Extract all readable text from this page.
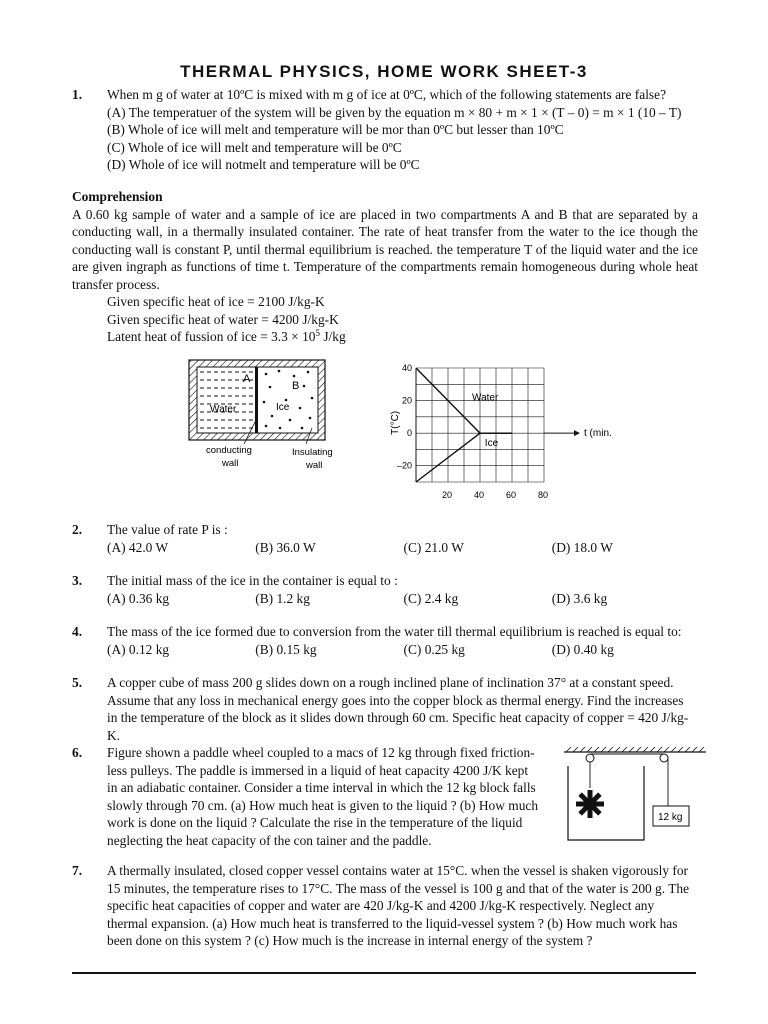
THERMAL PHYSICS, HOME WORK SHEET-3
1. When m g of water at 10ºC is mixed with m g of ice at 0ºC, which of the following statements are false?
(A) The temperatuer of the system will be given by the equation m × 80 + m × 1 × (T – 0) = m × 1 (10 – T)
(B) Whole of ice will melt and temperature will be mor than 0ºC but lesser than 10ºC
(C) Whole of ice will melt and temperature will be 0ºC
(D) Whole of ice will notmelt and temperature will be 0ºC
Comprehension
A 0.60 kg sample of water and a sample of ice are placed in two compartments A and B that are separated by a conducting wall, in a thermally insulated container. The rate of heat transfer from the water to the ice though the conducting wall is constant P, until thermal equilibrium is reached. the temperature T of the liquid water and the ice are given ingraph as functions of time t. Temperature of the compartments remain homogeneous during whole heat transfer process.
Given specific heat of ice = 2100 J/kg-K
Given specific heat of water = 4200 J/kg-K
Latent heat of fussion of ice = $3.3 \times 10^5$ J/kg
A
B
Water	Ice
conducting
wall
Insulating
wall
20 40 60 80
40
20
0
–20
T(°C)	t (min.
Water
Ice
2. The value of rate P is :
(A) 42.0 W	(B) 36.0 W	(C) 21.0 W	(D) 18.0 W
3. The initial mass of the ice in the container is equal to :
(A) 0.36 kg	(B) 1.2 kg	(C) 2.4 kg	(D) 3.6 kg
4. The mass of the ice formed due to conversion from the water till thermal equilibrium is reached is equal to:
(A) 0.12 kg	(B) 0.15 kg	(C) 0.25 kg	(D) 0.40 kg
5. A copper cube of mass 200 g slides down on a rough inclined plane of inclination 37° at a constant speed.
Assume that any loss in mechanical energy goes into the copper block as thermal energy. Find the increases
in the temperature of the block as it slides down through 60 cm. Specific heat capacity of copper = 420 J/kg-
K.
6. Figure shown a paddle wheel coupled to a macs of 12 kg through fixed friction-
less pulleys. The paddle is immersed in a liquid of heat capacity 4200 J/K kept
in an adiabatic container. Consider a time interval in which the 12 kg block falls
slowly through 70 cm. (a) How much heat is given to the liquid ? (b) How much
work is done on the liquid ? Calculate the rise in the temperature of the liquid
neglecting the heat capacity of the con tainer and the paddle.
12 kg
7. A thermally insulated, closed copper vessel contains water at 15°C. when the vessel is shaken vigorously for
15 minutes, the temperature rises to 17°C. The mass of the vessel is 100 g and that of the water is 200 g. The
specific heat capacities of copper and water are 420 J/kg-K and 4200 J/kg-K respectively. Neglect any
thermal expansion. (a) How much heat is transferred to the liquid-vessel system ? (b) How much work has
been done on this system ? (c) How much is the increase in internal energy of the system ?
